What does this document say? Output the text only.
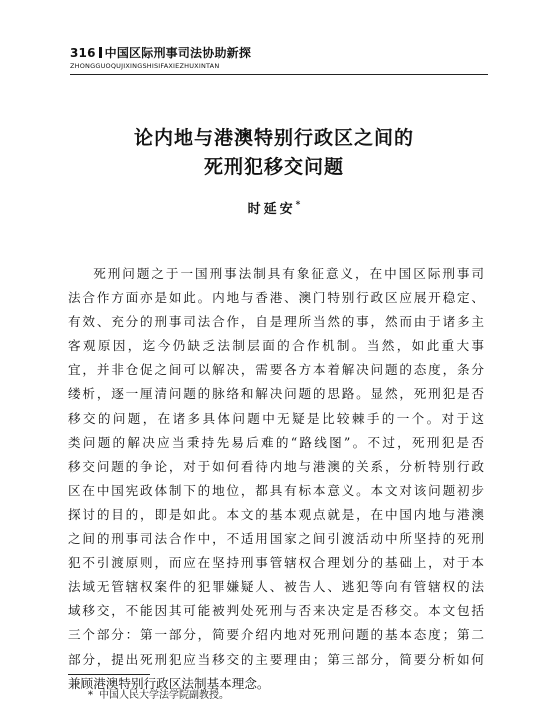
316 中国区际刑事司法协助新探
ZHONGGUOQUJIXINGSHISIFAXIEZHUXINTAN
论内地与港澳特别行政区之间的
死刑犯移交问题
时延安*
死刑问题之于一国刑事法制具有象征意义，在中国区际刑事司
法合作方面亦是如此。内地与香港、澳门特别行政区应展开稳定、
有效、充分的刑事司法合作，自是理所当然的事，然而由于诸多主
客观原因，迄今仍缺乏法制层面的合作机制。当然，如此重大事
宜，并非仓促之间可以解决，需要各方本着解决问题的态度，条分
缕析，逐一厘清问题的脉络和解决问题的思路。显然，死刑犯是否
移交的问题，在诸多具体问题中无疑是比较棘手的一个。对于这
类问题的解决应当秉持先易后难的“路线图”。不过，死刑犯是否
移交问题的争论，对于如何看待内地与港澳的关系，分析特别行政
区在中国宪政体制下的地位，都具有标本意义。本文对该问题初步
探讨的目的，即是如此。本文的基本观点就是，在中国内地与港澳
之间的刑事司法合作中，不适用国家之间引渡活动中所坚持的死刑
犯不引渡原则，而应在坚持刑事管辖权合理划分的基础上，对于本
法域无管辖权案件的犯罪嫌疑人、被告人、逃犯等向有管辖权的法
域移交，不能因其可能被判处死刑与否来决定是否移交。本文包括
三个部分：第一部分，简要介绍内地对死刑问题的基本态度；第二
部分，提出死刑犯应当移交的主要理由；第三部分，简要分析如何
兼顾港澳特别行政区法制基本理念。
* 中国人民大学法学院副教授。
